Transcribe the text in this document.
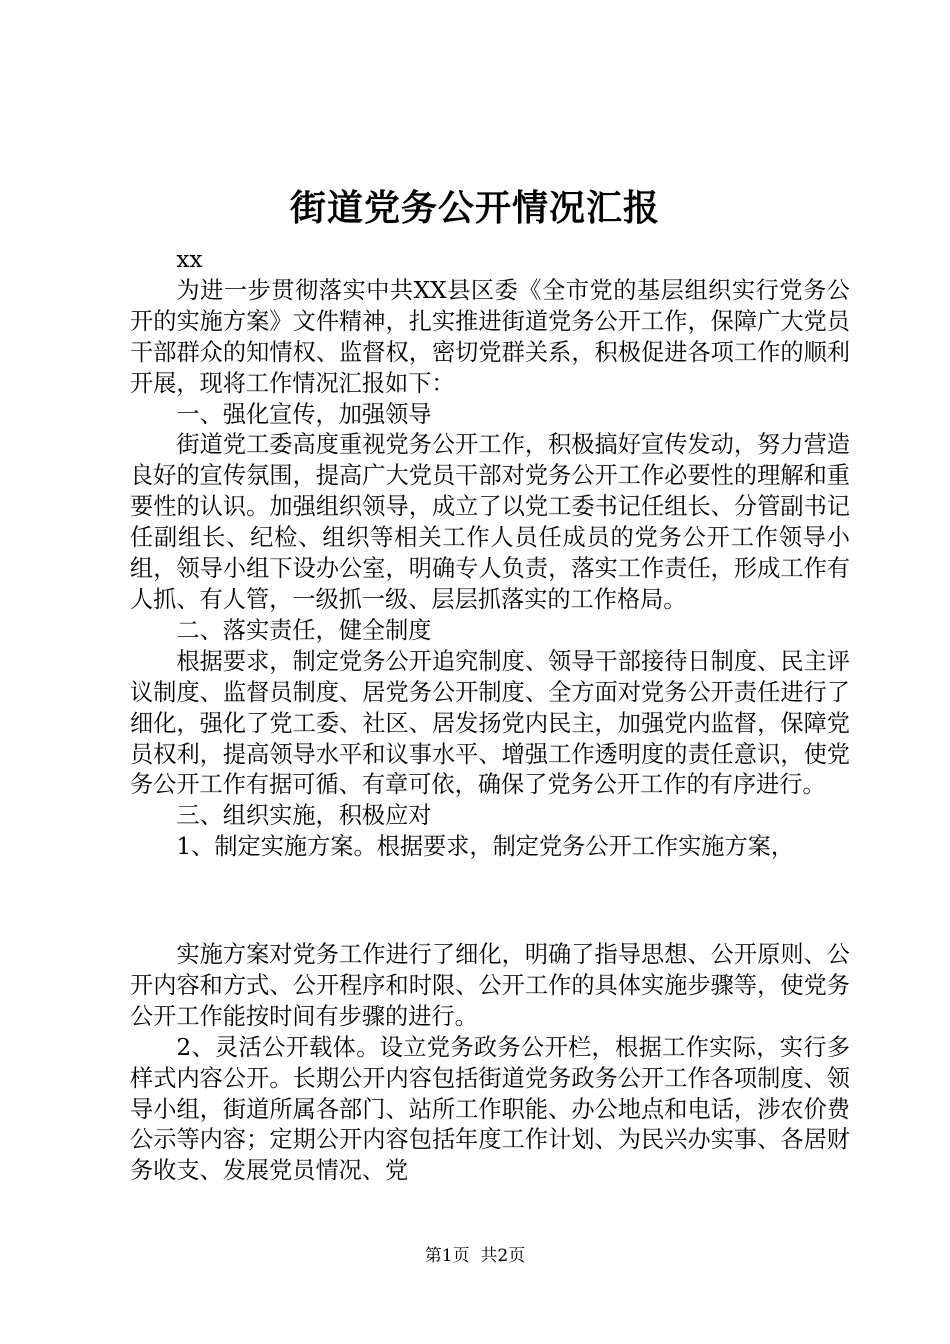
街道党务公开情况汇报

xx

为进一步贯彻落实中共XX县区委《全市党的基层组织实行党务公开的实施方案》文件精神，扎实推进街道党务公开工作，保障广大党员干部群众的知情权、监督权，密切党群关系，积极促进各项工作的顺利开展，现将工作情况汇报如下：

一、强化宣传，加强领导

街道党工委高度重视党务公开工作，积极搞好宣传发动，努力营造良好的宣传氛围，提高广大党员干部对党务公开工作必要性的理解和重要性的认识。加强组织领导，成立了以党工委书记任组长、分管副书记任副组长、纪检、组织等相关工作人员任成员的党务公开工作领导小组，领导小组下设办公室，明确专人负责，落实工作责任，形成工作有人抓、有人管，一级抓一级、层层抓落实的工作格局。

二、落实责任，健全制度

根据要求，制定党务公开追究制度、领导干部接待日制度、民主评议制度、监督员制度、居党务公开制度、全方面对党务公开责任进行了细化，强化了党工委、社区、居发扬党内民主，加强党内监督，保障党员权利，提高领导水平和议事水平、增强工作透明度的责任意识，使党务公开工作有据可循、有章可依，确保了党务公开工作的有序进行。

三、组织实施，积极应对

1、制定实施方案。根据要求，制定党务公开工作实施方案，

实施方案对党务工作进行了细化，明确了指导思想、公开原则、公开内容和方式、公开程序和时限、公开工作的具体实施步骤等，使党务公开工作能按时间有步骤的进行。

2、灵活公开载体。设立党务政务公开栏，根据工作实际，实行多样式内容公开。长期公开内容包括街道党务政务公开工作各项制度、领导小组，街道所属各部门、站所工作职能、办公地点和电话，涉农价费公示等内容；定期公开内容包括年度工作计划、为民兴办实事、各居财务收支、发展党员情况、党

第1页  共2页
